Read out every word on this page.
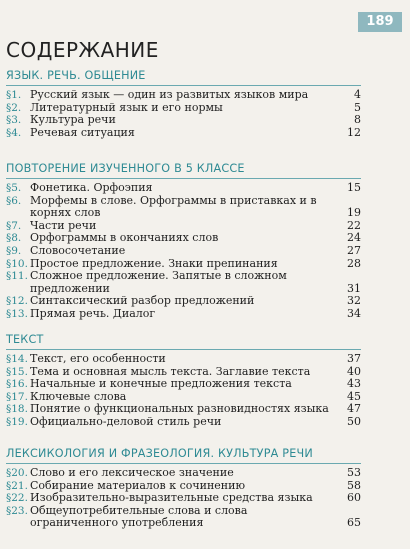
189
СОДЕРЖАНИЕ
ЯЗЫК. РЕЧЬ. ОБЩЕНИЕ
§1. Русский язык — один из развитых языков мира	4
§2. Литературный язык и его нормы	5
§3. Культура речи	8
§4. Речевая ситуация	12
ПОВТОРЕНИЕ ИЗУЧЕННОГО В 5 КЛАССЕ
§5. Фонетика. Орфоэпия	15
§6. Морфемы в слове. Орфограммы в приставках и в корнях слов	19
§7. Части речи	22
§8. Орфограммы в окончаниях слов	24
§9. Словосочетание	27
§10. Простое предложение. Знаки препинания	28
§11. Сложное предложение. Запятые в сложном предложении	31
§12. Синтаксический разбор предложений	32
§13. Прямая речь. Диалог	34
ТЕКСТ
§14. Текст, его особенности	37
§15. Тема и основная мысль текста. Заглавие текста	40
§16. Начальные и конечные предложения текста	43
§17. Ключевые слова	45
§18. Понятие о функциональных разновидностях языка	47
§19. Официально-деловой стиль речи	50
ЛЕКСИКОЛОГИЯ И ФРАЗЕОЛОГИЯ. КУЛЬТУРА РЕЧИ
§20. Слово и его лексическое значение	53
§21. Собирание материалов к сочинению	58
§22. Изобразительно-выразительные средства языка	60
§23. Общеупотребительные слова и слова ограниченного употребления	65
